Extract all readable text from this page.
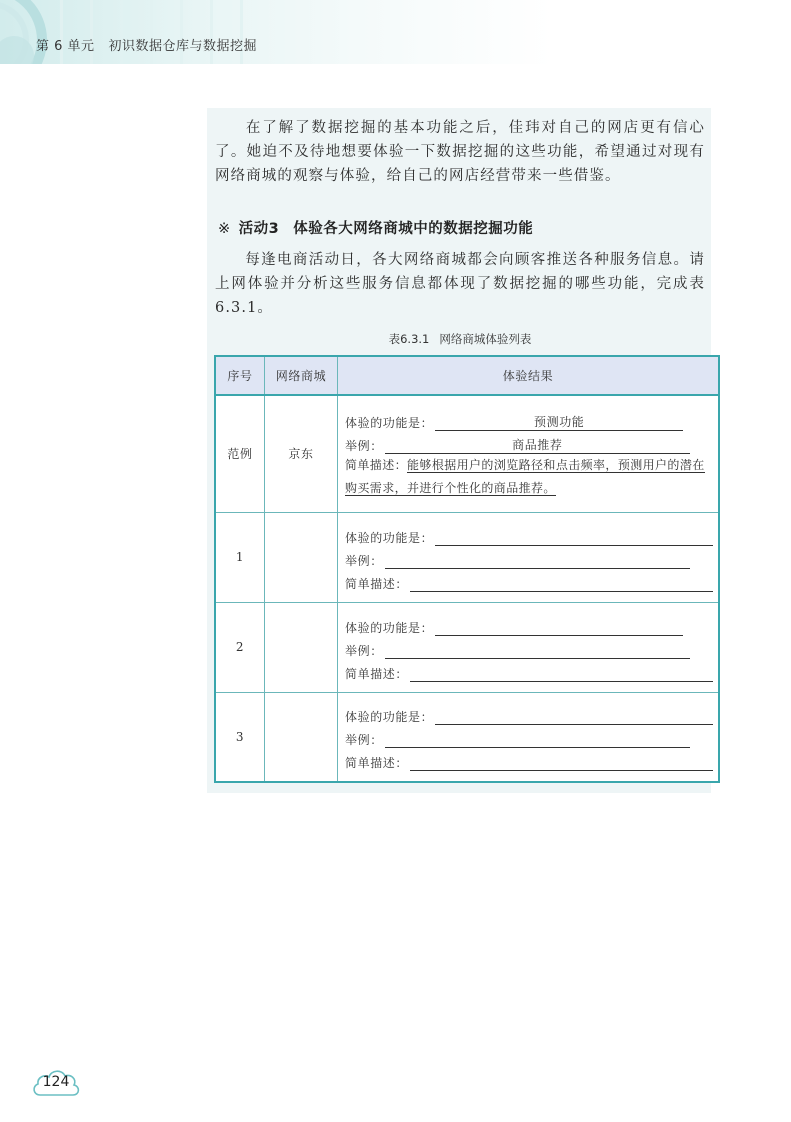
第 6 单元 初识数据仓库与数据挖掘
在了解了数据挖掘的基本功能之后，佳玮对自己的网店更有信心了。她迫不及待地想要体验一下数据挖掘的这些功能，希望通过对现有网络商城的观察与体验，给自己的网店经营带来一些借鉴。
※ 活动3 体验各大网络商城中的数据挖掘功能
每逢电商活动日，各大网络商城都会向顾客推送各种服务信息。请上网体验并分析这些服务信息都体现了数据挖掘的哪些功能，完成表6.3.1。
表6.3.1 网络商城体验列表
序号	网络商城	体验结果
范例	京东	体验的功能是： 预测功能
举例： 商品推荐
简单描述：能够根据用户的浏览路径和点击频率，预测用户的潜在购买需求，并进行个性化的商品推荐。

1		体验的功能是：
举例：
简单描述：

2		体验的功能是：
举例：
简单描述：

3		体验的功能是：
举例：
简单描述：
124
